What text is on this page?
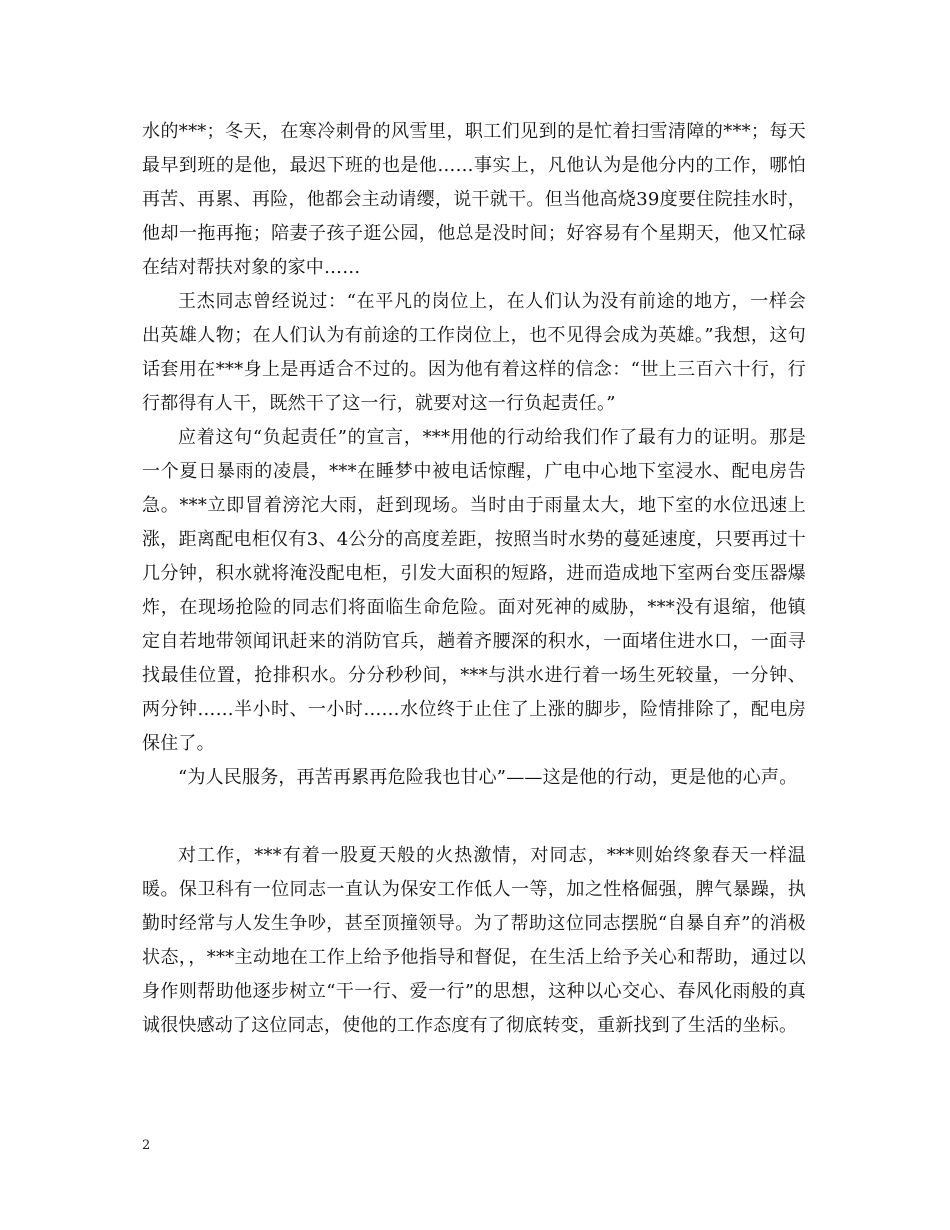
水的***；冬天，在寒冷刺骨的风雪里，职工们见到的是忙着扫雪清障的***；每天最早到班的是他，最迟下班的也是他……事实上，凡他认为是他分内的工作，哪怕再苦、再累、再险，他都会主动请缨，说干就干。但当他高烧39度要住院挂水时，他却一拖再拖；陪妻子孩子逛公园，他总是没时间；好容易有个星期天，他又忙碌在结对帮扶对象的家中……

王杰同志曾经说过：“在平凡的岗位上，在人们认为没有前途的地方，一样会出英雄人物；在人们认为有前途的工作岗位上，也不见得会成为英雄。”我想，这句话套用在***身上是再适合不过的。因为他有着这样的信念：“世上三百六十行，行行都得有人干，既然干了这一行，就要对这一行负起责任。”

应着这句“负起责任”的宣言，***用他的行动给我们作了最有力的证明。那是一个夏日暴雨的凌晨，***在睡梦中被电话惊醒，广电中心地下室浸水、配电房告急。***立即冒着滂沱大雨，赶到现场。当时由于雨量太大，地下室的水位迅速上涨，距离配电柜仅有3、4公分的高度差距，按照当时水势的蔓延速度，只要再过十几分钟，积水就将淹没配电柜，引发大面积的短路，进而造成地下室两台变压器爆炸，在现场抢险的同志们将面临生命危险。面对死神的威胁，***没有退缩，他镇定自若地带领闻讯赶来的消防官兵，趟着齐腰深的积水，一面堵住进水口，一面寻找最佳位置，抢排积水。分分秒秒间，***与洪水进行着一场生死较量，一分钟、两分钟……半小时、一小时……水位终于止住了上涨的脚步，险情排除了，配电房保住了。

“为人民服务，再苦再累再危险我也甘心”——这是他的行动，更是他的心声。

对工作，***有着一股夏天般的火热激情，对同志，***则始终象春天一样温暖。保卫科有一位同志一直认为保安工作低人一等，加之性格倔强，脾气暴躁，执勤时经常与人发生争吵，甚至顶撞领导。为了帮助这位同志摆脱“自暴自弃”的消极状态，，***主动地在工作上给予他指导和督促，在生活上给予关心和帮助，通过以身作则帮助他逐步树立“干一行、爱一行”的思想，这种以心交心、春风化雨般的真诚很快感动了这位同志，使他的工作态度有了彻底转变，重新找到了生活的坐标。

2
